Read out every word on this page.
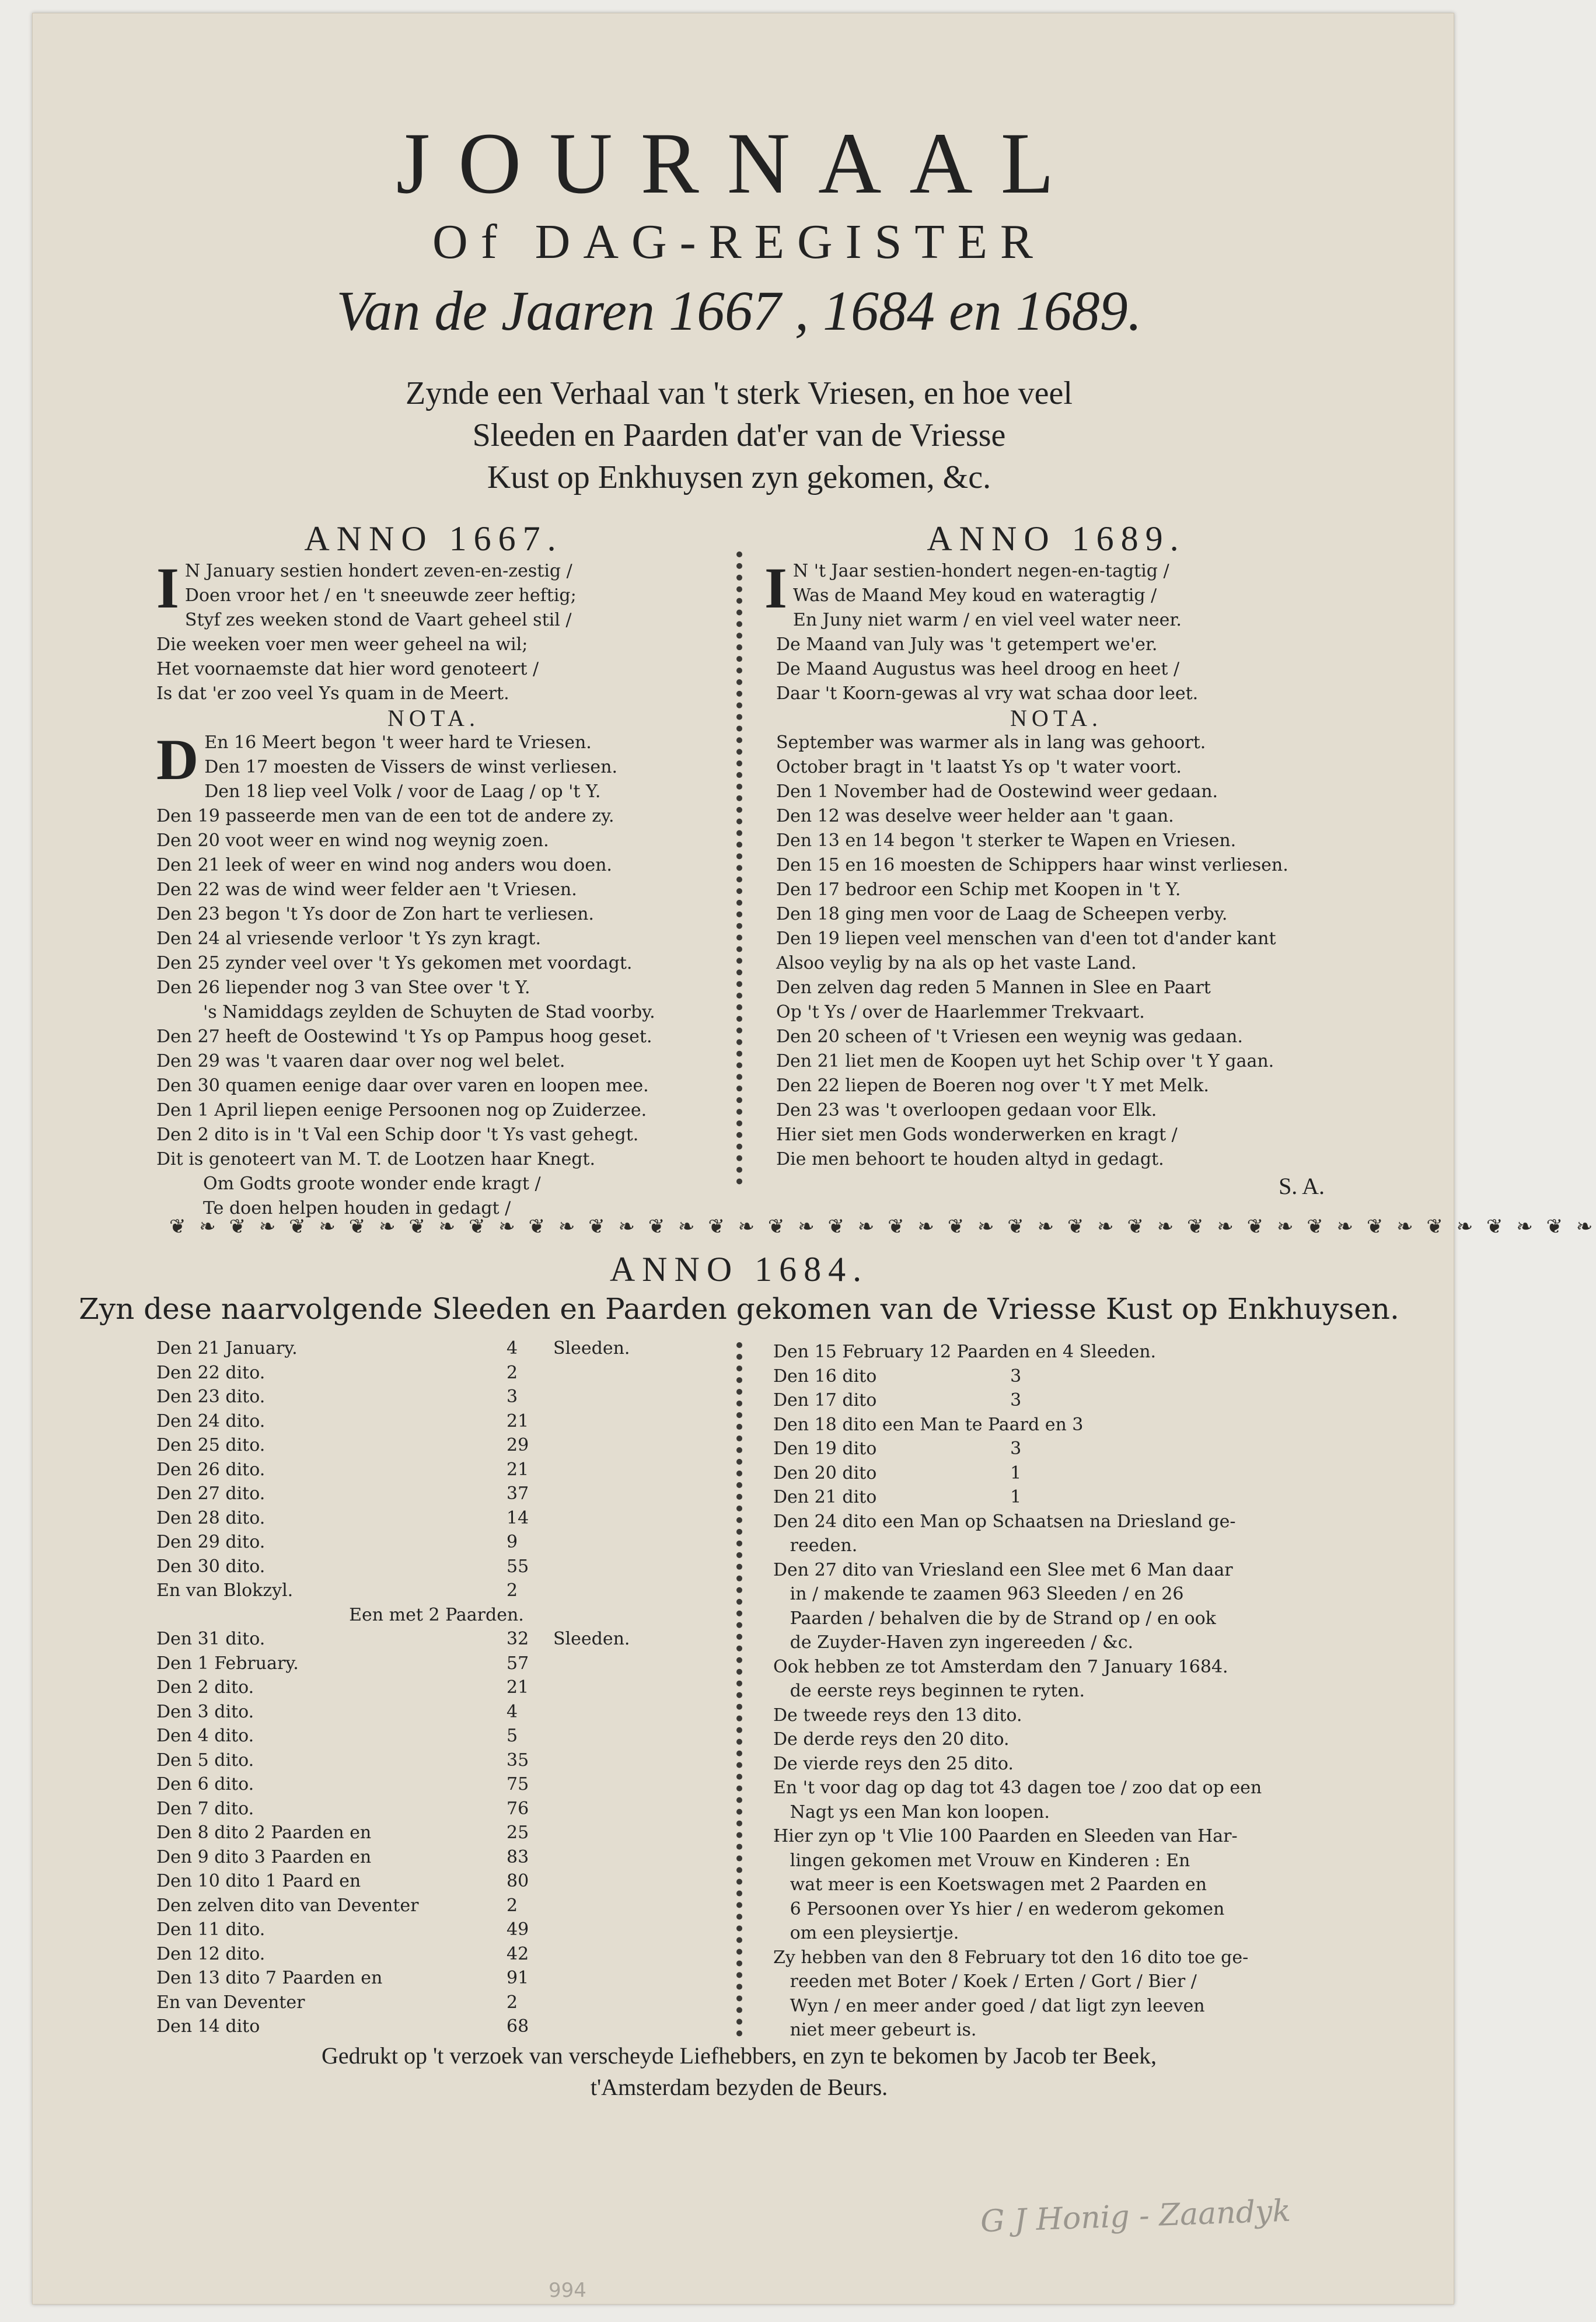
JOURNAAL
Of DAG-REGISTER
Van de Jaaren 1667 , 1684 en 1689.
Zynde een Verhaal van 't sterk Vriesen, en hoe veel
Sleeden en Paarden dat'er van de Vriesse
Kust op Enkhuysen zyn gekomen, &c.
ANNO 1667.
I N January sestien hondert zeven-en-zestig /
Doen vroor het / en 't sneeuwde zeer heftig;
Styf zes weeken stond de Vaart geheel stil /
Die weeken voer men weer geheel na wil;
Het voornaemste dat hier word genoteert /
Is dat 'er zoo veel Ys quam in de Meert.
NOTA.
D En 16 Meert begon 't weer hard te Vriesen.
Den 17 moesten de Vissers de winst verliesen.
Den 18 liep veel Volk / voor de Laag / op 't Y.
Den 19 passeerde men van de een tot de andere zy.
Den 20 voot weer en wind nog weynig zoen.
Den 21 leek of weer en wind nog anders wou doen.
Den 22 was de wind weer felder aen 't Vriesen.
Den 23 begon 't Ys door de Zon hart te verliesen.
Den 24 al vriesende verloor 't Ys zyn kragt.
Den 25 zynder veel over 't Ys gekomen met voordagt.
Den 26 liepender nog 3 van Stee over 't Y.
's Namiddags zeylden de Schuyten de Stad voorby.
Den 27 heeft de Oostewind 't Ys op Pampus hoog geset.
Den 29 was 't vaaren daar over nog wel belet.
Den 30 quamen eenige daar over varen en loopen mee.
Den 1 April liepen eenige Persoonen nog op Zuiderzee.
Den 2 dito is in 't Val een Schip door 't Ys vast gehegt.
Dit is genoteert van M. T. de Lootzen haar Knegt.
Om Godts groote wonder ende kragt /
Te doen helpen houden in gedagt /
ANNO 1689.
I N 't Jaar sestien-hondert negen-en-tagtig /
Was de Maand Mey koud en wateragtig /
En Juny niet warm / en viel veel water neer.
De Maand van July was 't getempert we'er.
De Maand Augustus was heel droog en heet /
Daar 't Koorn-gewas al vry wat schaa door leet.
NOTA.
September was warmer als in lang was gehoort.
October bragt in 't laatst Ys op 't water voort.
Den 1 November had de Oostewind weer gedaan.
Den 12 was deselve weer helder aan 't gaan.
Den 13 en 14 begon 't sterker te Wapen en Vriesen.
Den 15 en 16 moesten de Schippers haar winst verliesen.
Den 17 bedroor een Schip met Koopen in 't Y.
Den 18 ging men voor de Laag de Scheepen verby.
Den 19 liepen veel menschen van d'een tot d'ander kant
Alsoo veylig by na als op het vaste Land.
Den zelven dag reden 5 Mannen in Slee en Paart
Op 't Ys / over de Haarlemmer Trekvaart.
Den 20 scheen of 't Vriesen een weynig was gedaan.
Den 21 liet men de Koopen uyt het Schip over 't Y gaan.
Den 22 liepen de Boeren nog over 't Y met Melk.
Den 23 was 't overloopen gedaan voor Elk.
Hier siet men Gods wonderwerken en kragt /
Die men behoort te houden altyd in gedagt.
S. A.
❦ ❧ ❦ ❧ ❦ ❧ ❦ ❧ ❦ ❧ ❦ ❧ ❦ ❧ ❦ ❧ ❦ ❧ ❦ ❧ ❦ ❧ ❦ ❧ ❦ ❧ ❦ ❧ ❦ ❧ ❦ ❧ ❦ ❧ ❦ ❧ ❦ ❧ ❦ ❧ ❦ ❧ ❦ ❧ ❦ ❧ ❦ ❧
ANNO 1684.
Zyn dese naarvolgende Sleeden en Paarden gekomen van de Vriesse Kust op Enkhuysen.
Den 21 January.	4 Sleeden.
Den 22 dito.	2
Den 23 dito.	3
Den 24 dito.	21
Den 25 dito.	29
Den 26 dito.	21
Den 27 dito.	37
Den 28 dito.	14
Den 29 dito.	9
Den 30 dito.	55
En van Blokzyl.	2
Een met 2 Paarden.
Den 31 dito.	32 Sleeden.
Den 1 February.	57
Den 2 dito.	21
Den 3 dito.	4
Den 4 dito.	5
Den 5 dito.	35
Den 6 dito.	75
Den 7 dito.	76
Den 8 dito 2 Paarden en	25
Den 9 dito 3 Paarden en	83
Den 10 dito 1 Paard en	80
Den zelven dito van Deventer	2
Den 11 dito.	49
Den 12 dito.	42
Den 13 dito 7 Paarden en	91
En van Deventer	2
Den 14 dito	68
Den 15 February 12 Paarden en 4 Sleeden.
Den 16 dito                        3
Den 17 dito                        3
Den 18 dito een Man te Paard en 3
Den 19 dito                        3
Den 20 dito                        1
Den 21 dito                        1
Den 24 dito een Man op Schaatsen na Driesland ge-
reeden.
Den 27 dito van Vriesland een Slee met 6 Man daar
in / makende te zaamen 963 Sleeden / en 26
Paarden / behalven die by de Strand op / en ook
de Zuyder-Haven zyn ingereeden / &c.
Ook hebben ze tot Amsterdam den 7 January 1684.
de eerste reys beginnen te ryten.
De tweede reys den 13 dito.
De derde reys den 20 dito.
De vierde reys den 25 dito.
En 't voor dag op dag tot 43 dagen toe / zoo dat op een
Nagt ys een Man kon loopen.
Hier zyn op 't Vlie 100 Paarden en Sleeden van Har-
lingen gekomen met Vrouw en Kinderen : En
wat meer is een Koetswagen met 2 Paarden en
6 Persoonen over Ys hier / en wederom gekomen
om een pleysiertje.
Zy hebben van den 8 February tot den 16 dito toe ge-
reeden met Boter / Koek / Erten / Gort / Bier /
Wyn / en meer ander goed / dat ligt zyn leeven
niet meer gebeurt is.
Gedrukt op 't verzoek van verscheyde Liefhebbers, en zyn te bekomen by Jacob ter Beek,
t'Amsterdam bezyden de Beurs.
G J Honig - Zaandyk
994
